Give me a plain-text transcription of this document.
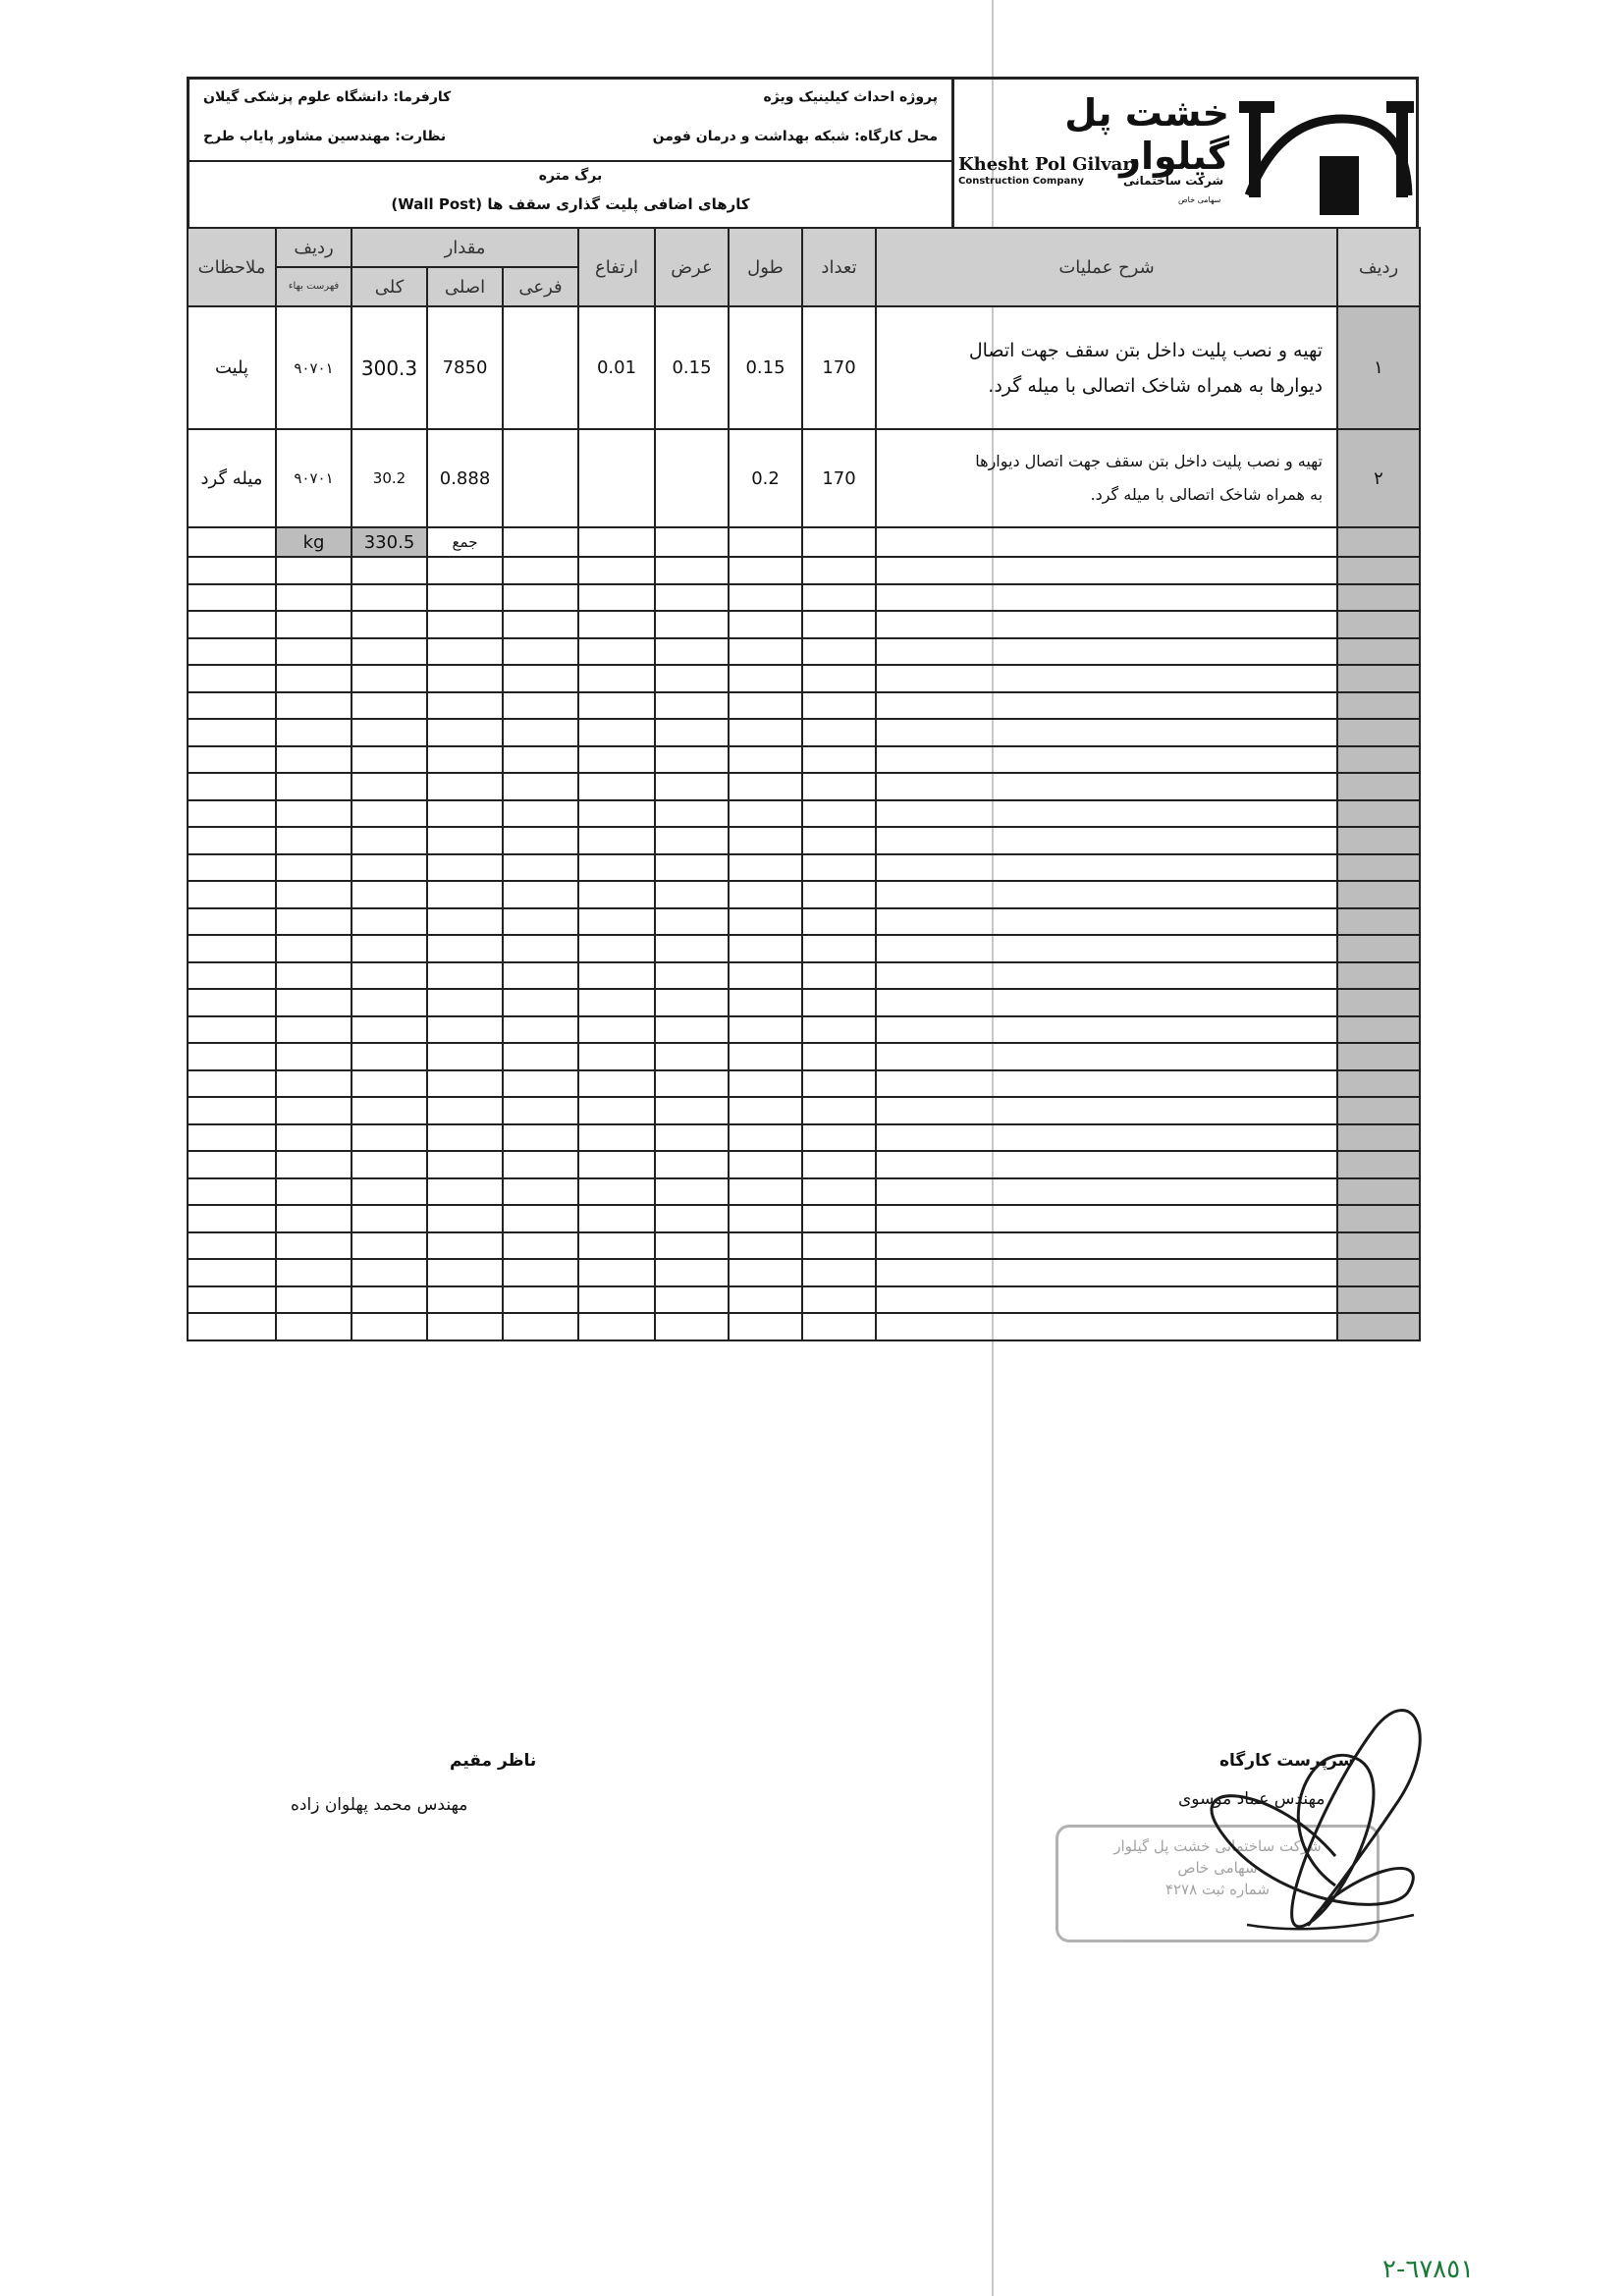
پروژه احداث کیلینیک ویژه
کارفرما: دانشگاه علوم پزشکی گیلان
محل کارگاه: شبکه بهداشت و درمان فومن
نظارت: مهندسین مشاور پایاب طرح
برگ متره
کارهای اضافی پلیت گذاری سقف ها (Wall Post)
خشت پل گیلوار
Khesht Pol Gilvar
Construction Company	شرکت ساختمانی
سهامی خاص
ردیف	شرح عملیات	تعداد	طول	عرض	ارتفاع	مقدار			ردیف	ملاحظات
						فرعی	اصلی	کلی	فهرست بهاء	
۱	تهیه و نصب پلیت داخل بتن سقف جهت اتصال
دیوارها به همراه شاخک اتصالی با میله گرد.	170	0.15	0.15	0.01		7850	300.3	۹۰۷۰۱	پلیت
۲	تهیه و نصب پلیت داخل بتن سقف جهت اتصال دیوارها
به همراه شاخک اتصالی با میله گرد.	170	0.2				0.888	30.2	۹۰۷۰۱	میله گرد
							جمع	330.5	kg	

ناظر مقیم
مهندس محمد پهلوان زاده
سرپرست کارگاه
مهندس عماد موسوی
شرکت ساختمانی خشت پل گیلوار
سهامی خاص
شماره ثبت ۴۲۷۸
٦٧٨٥١-٢
